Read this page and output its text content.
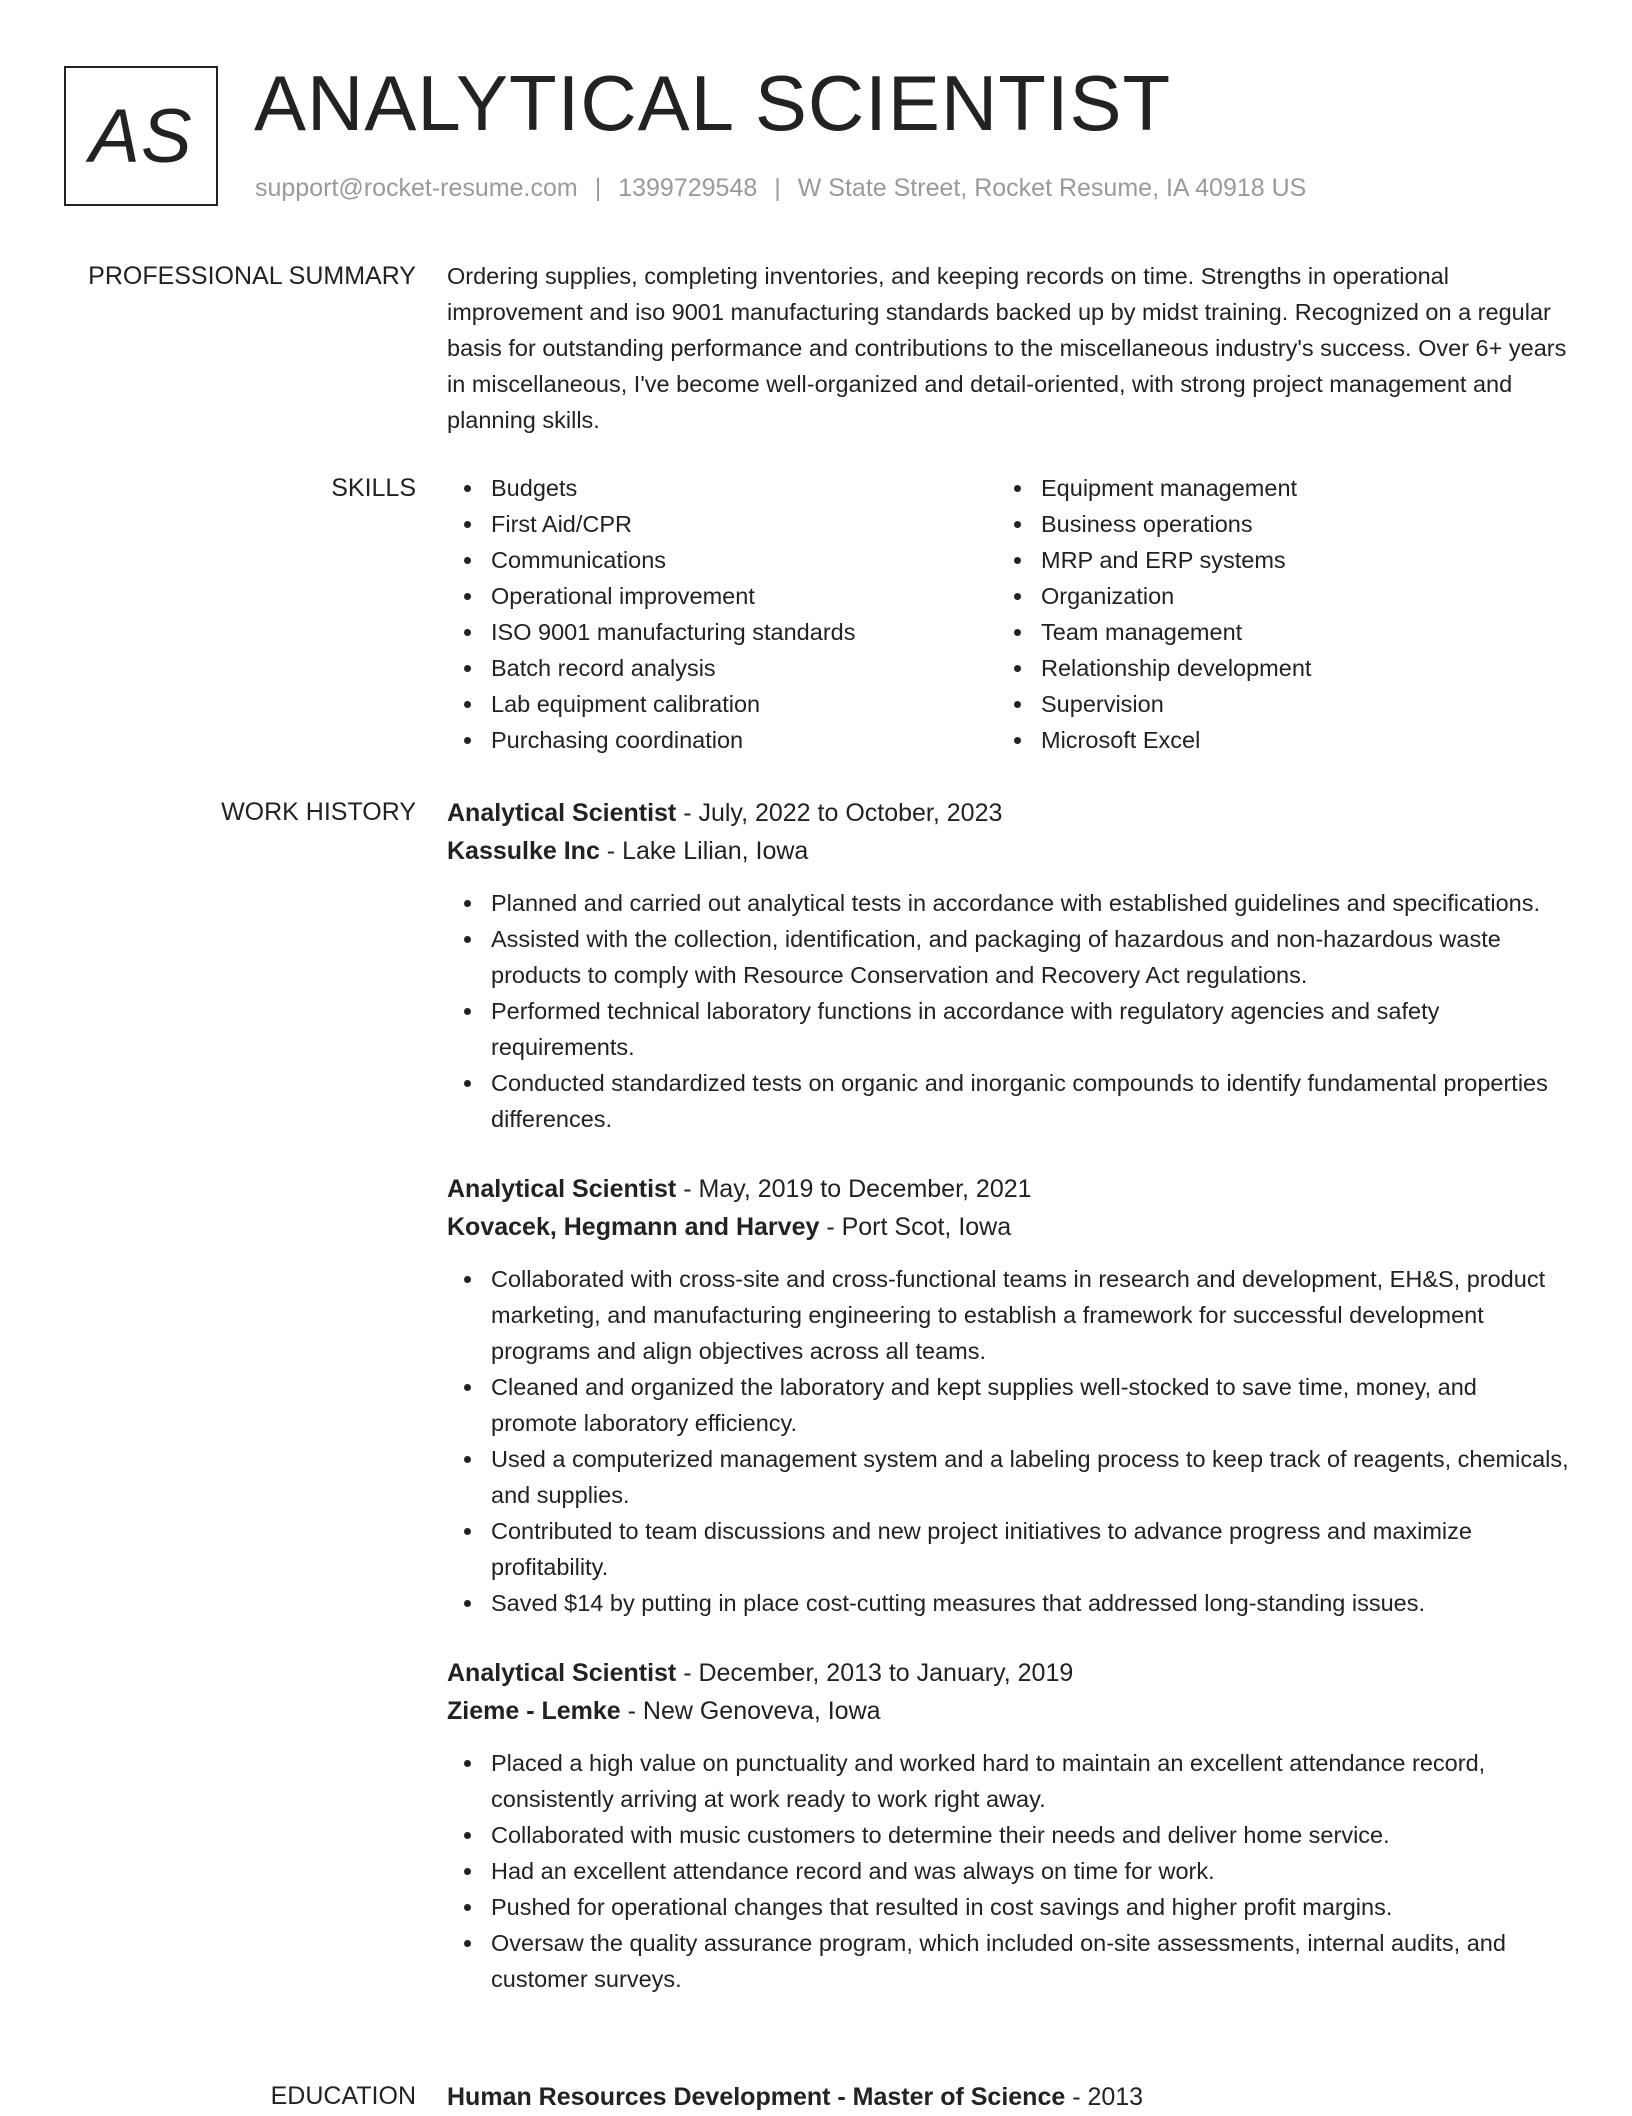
AS ANALYTICAL SCIENTIST
support@rocket-resume.com | 1399729548 | W State Street, Rocket Resume, IA 40918 US
PROFESSIONAL SUMMARY Ordering supplies, completing inventories, and keeping records on time. Strengths in operational improvement and iso 9001 manufacturing standards backed up by midst training. Recognized on a regular basis for outstanding performance and contributions to the miscellaneous industry's success. Over 6+ years in miscellaneous, I've become well-organized and detail-oriented, with strong project management and planning skills.

SKILLS	Budgets
First Aid/CPR
Communications
Operational improvement
ISO 9001 manufacturing standards
Batch record analysis
Lab equipment calibration
Purchasing coordination
Equipment management
Business operations
MRP and ERP systems
Organization
Team management
Relationship development
Supervision
Microsoft Excel
WORK HISTORY Analytical Scientist - July, 2022 to October, 2023
Kassulke Inc - Lake Lilian, Iowa
Planned and carried out analytical tests in accordance with established guidelines and specifications.
Assisted with the collection, identification, and packaging of hazardous and non-hazardous waste products to comply with Resource Conservation and Recovery Act regulations.
Performed technical laboratory functions in accordance with regulatory agencies and safety requirements.
Conducted standardized tests on organic and inorganic compounds to identify fundamental properties differences.
Analytical Scientist - May, 2019 to December, 2021
Kovacek, Hegmann and Harvey - Port Scot, Iowa
Collaborated with cross-site and cross-functional teams in research and development, EH&S, product marketing, and manufacturing engineering to establish a framework for successful development programs and align objectives across all teams.
Cleaned and organized the laboratory and kept supplies well-stocked to save time, money, and promote laboratory efficiency.
Used a computerized management system and a labeling process to keep track of reagents, chemicals, and supplies.
Contributed to team discussions and new project initiatives to advance progress and maximize profitability.
Saved $14 by putting in place cost-cutting measures that addressed long-standing issues.
Analytical Scientist - December, 2013 to January, 2019
Zieme - Lemke - New Genoveva, Iowa
Placed a high value on punctuality and worked hard to maintain an excellent attendance record, consistently arriving at work ready to work right away.
Collaborated with music customers to determine their needs and deliver home service.
Had an excellent attendance record and was always on time for work.
Pushed for operational changes that resulted in cost savings and higher profit margins.
Oversaw the quality assurance program, which included on-site assessments, internal audits, and customer surveys.
EDUCATION Human Resources Development - Master of Science - 2013
